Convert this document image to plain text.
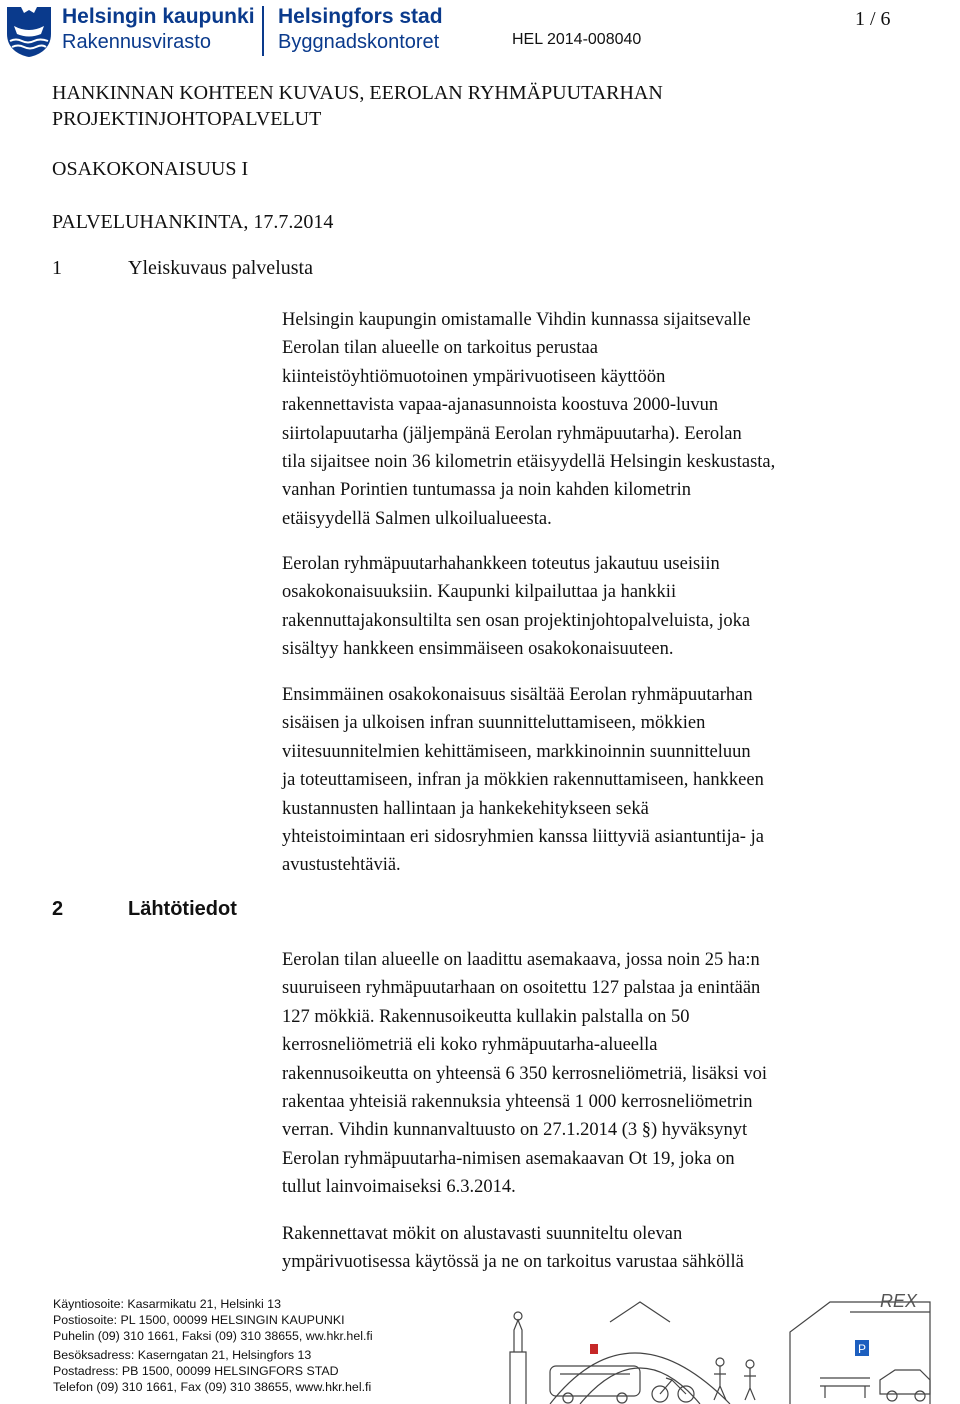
Helsingin kaupunki
Rakennusvirasto
Helsingfors stad
Byggnadskontoret	HEL 2014-008040
1 / 6
HANKINNAN KOHTEEN KUVAUS, EEROLAN RYHMÄPUUTARHAN
PROJEKTINJOHTOPALVELUT
OSAKOKONAISUUS I
PALVELUHANKINTA, 17.7.2014
1	Yleiskuvaus palvelusta

Helsingin kaupungin omistamalle Vihdin kunnassa sijaitsevalle

Eerolan tilan alueelle on tarkoitus perustaa

kiinteistöyhtiömuotoinen ympärivuotiseen käyttöön

rakennettavista vapaa-ajanasunnoista koostuva 2000-luvun

siirtolapuutarha (jäljempänä Eerolan ryhmäpuutarha). Eerolan

tila sijaitsee noin 36 kilometrin etäisyydellä Helsingin keskustasta,

vanhan Porintien tuntumassa ja noin kahden kilometrin

etäisyydellä Salmen ulkoilualueesta.

Eerolan ryhmäpuutarhahankkeen toteutus jakautuu useisiin

osakokonaisuuksiin. Kaupunki kilpailuttaa ja hankkii

rakennuttajakonsultilta sen osan projektinjohtopalveluista, joka

sisältyy hankkeen ensimmäiseen osakokonaisuuteen.

Ensimmäinen osakokonaisuus sisältää Eerolan ryhmäpuutarhan

sisäisen ja ulkoisen infran suunnitteluttamiseen, mökkien

viitesuunnitelmien kehittämiseen, markkinoinnin suunnitteluun

ja toteuttamiseen, infran ja mökkien rakennuttamiseen, hankkeen

kustannusten hallintaan ja hankekehitykseen sekä

yhteistoimintaan eri sidosryhmien kanssa liittyviä asiantuntija- ja

avustustehtäviä.

2	Lähtötiedot

Eerolan tilan alueelle on laadittu asemakaava, jossa noin 25 ha:n

suuruiseen ryhmäpuutarhaan on osoitettu 127 palstaa ja enintään

127 mökkiä. Rakennusoikeutta kullakin palstalla on 50

kerrosneliömetriä eli koko ryhmäpuutarha-alueella

rakennusoikeutta on yhteensä 6 350 kerrosneliömetriä, lisäksi voi

rakentaa yhteisiä rakennuksia yhteensä 1 000 kerrosneliömetrin

verran. Vihdin kunnanvaltuusto on 27.1.2014 (3 §) hyväksynyt

Eerolan ryhmäpuutarha-nimisen asemakaavan Ot 19, joka on

tullut lainvoimaiseksi 6.3.2014.

Rakennettavat mökit on alustavasti suunniteltu olevan

ympärivuotisessa käytössä ja ne on tarkoitus varustaa sähköllä

Käyntiosoite: Kasarmikatu 21, Helsinki 13
Postiosoite: PL 1500, 00099 HELSINGIN KAUPUNKI
Puhelin (09) 310 1661, Faksi (09) 310 38655, ww.hkr.hel.fi
Besöksadress: Kaserngatan 21, Helsingfors 13
Postadress: PB 1500, 00099 HELSINGFORS STAD
Telefon (09) 310 1661, Fax (09) 310 38655, www.hkr.hel.fi
P
REX
